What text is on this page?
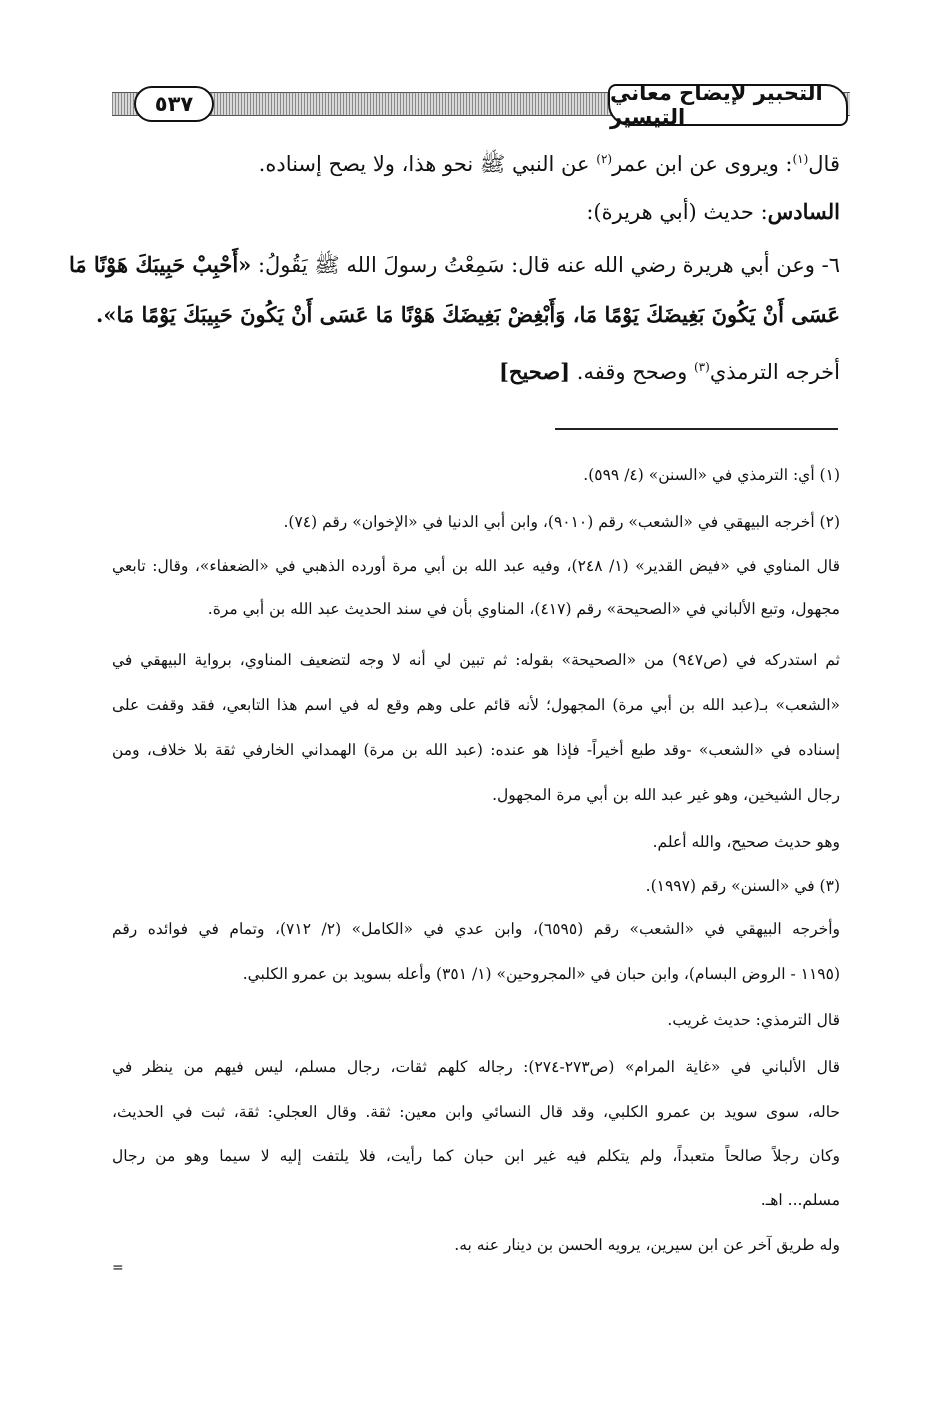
٥٣٧	التحبير لإيضاح معاني التيسير
قال$^{(١)}$: ويروى عن ابن عمر$^{(٢)}$ عن النبي ﷺ نحو هذا، ولا يصح إسناده.
السادس: حديث (أبي هريرة):
٦- وعن أبي هريرة رضي الله عنه قال: سَمِعْتُ رسولَ الله ﷺ يَقُولُ: «أَحْبِبْ حَبِيبَكَ هَوْنًا مَا
عَسَى أَنْ يَكُونَ بَغِيضَكَ يَوْمًا مَا، وَأَبْغِضْ بَغِيضَكَ هَوْنًا مَا عَسَى أَنْ يَكُونَ حَبِيبَكَ يَوْمًا مَا».
أخرجه الترمذي$^{(٣)}$ وصحح وقفه. [صحيح]
(١) أي: الترمذي في «السنن» (٤/ ٥٩٩).
(٢) أخرجه البيهقي في «الشعب» رقم (٩٠١٠)، وابن أبي الدنيا في «الإخوان» رقم (٧٤).
قال المناوي في «فيض القدير» (١/ ٢٤٨)، وفيه عبد الله بن أبي مرة أورده الذهبي في «الضعفاء»، وقال: تابعي
مجهول، وتبع الألباني في «الصحيحة» رقم (٤١٧)، المناوي بأن في سند الحديث عبد الله بن أبي مرة.
ثم استدركه في (ص٩٤٧) من «الصحيحة» بقوله: ثم تبين لي أنه لا وجه لتضعيف المناوي، برواية البيهقي في
«الشعب» بـ(عبد الله بن أبي مرة) المجهول؛ لأنه قائم على وهم وقع له في اسم هذا التابعي، فقد وقفت على
إسناده في «الشعب» -وقد طبع أخيراً- فإذا هو عنده: (عبد الله بن مرة) الهمداني الخارفي ثقة بلا خلاف، ومن
رجال الشيخين، وهو غير عبد الله بن أبي مرة المجهول.
وهو حديث صحيح، والله أعلم.
(٣) في «السنن» رقم (١٩٩٧).
وأخرجه البيهقي في «الشعب» رقم (٦٥٩٥)، وابن عدي في «الكامل» (٢/ ٧١٢)، وتمام في فوائده رقم
(١١٩٥ - الروض البسام)، وابن حبان في «المجروحين» (١/ ٣٥١) وأعله بسويد بن عمرو الكلبي.
قال الترمذي: حديث غريب.
قال الألباني في «غاية المرام» (ص٢٧٣-٢٧٤): رجاله كلهم ثقات، رجال مسلم، ليس فيهم من ينظر في
حاله، سوى سويد بن عمرو الكلبي، وقد قال النسائي وابن معين: ثقة. وقال العجلي: ثقة، ثبت في الحديث،
وكان رجلاً صالحاً متعبداً، ولم يتكلم فيه غير ابن حبان كما رأيت، فلا يلتفت إليه لا سيما وهو من رجال
مسلم... اهـ.
وله طريق آخر عن ابن سيرين، يرويه الحسن بن دينار عنه به.
=
